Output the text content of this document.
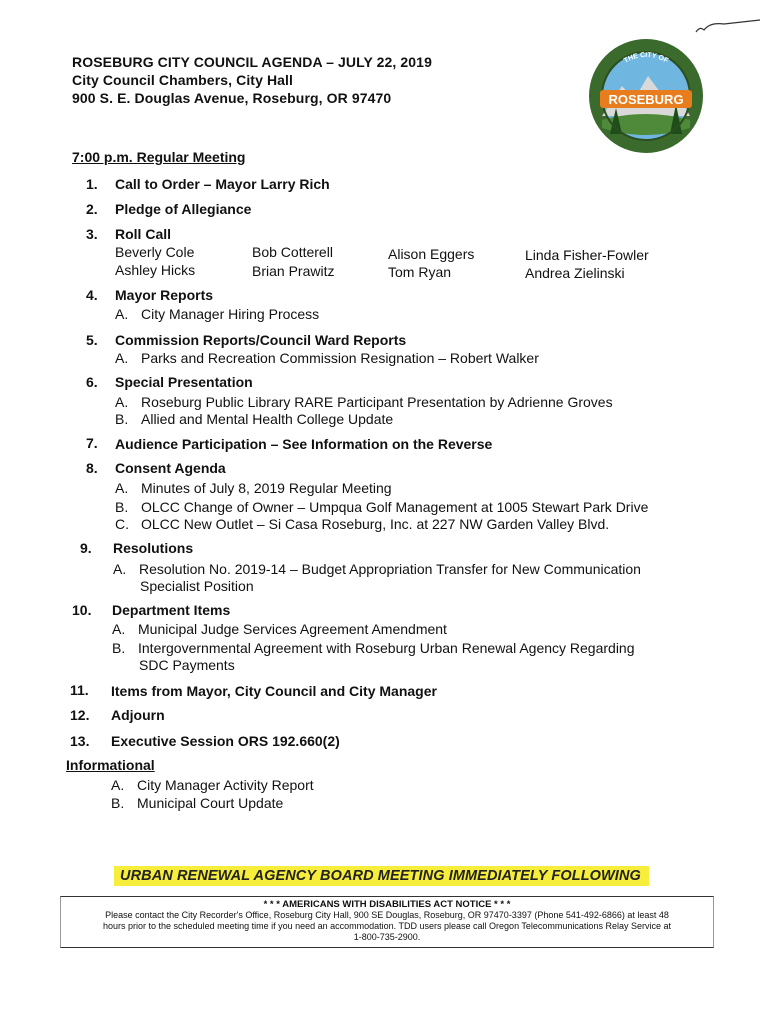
ROSEBURG CITY COUNCIL AGENDA – JULY 22, 2019
City Council Chambers, City Hall
900 S. E. Douglas Avenue, Roseburg, OR 97470	ROSEBURG
THE CITY OF
7:00 p.m. Regular Meeting
1.	Call to Order – Mayor Larry Rich
2.	Pledge of Allegiance
3.	Roll Call
Beverly Cole	Bob Cotterell	Alison Eggers	Linda Fisher-Fowler
Ashley Hicks	Brian Prawitz	Tom Ryan	Andrea Zielinski
4.	Mayor Reports
A. City Manager Hiring Process
5.	Commission Reports/Council Ward Reports
A. Parks and Recreation Commission Resignation – Robert Walker
6.	Special Presentation
A. Roseburg Public Library RARE Participant Presentation by Adrienne Groves
B. Allied and Mental Health College Update
7.	Audience Participation – See Information on the Reverse
8.	Consent Agenda
A. Minutes of July 8, 2019 Regular Meeting
B. OLCC Change of Owner – Umpqua Golf Management at 1005 Stewart Park Drive
C. OLCC New Outlet – Si Casa Roseburg, Inc. at 227 NW Garden Valley Blvd.
9.	Resolutions
A. Resolution No. 2019-14 – Budget Appropriation Transfer for New Communication
Specialist Position
10.	Department Items
A. Municipal Judge Services Agreement Amendment
B. Intergovernmental Agreement with Roseburg Urban Renewal Agency Regarding
SDC Payments
11.	Items from Mayor, City Council and City Manager
12.	Adjourn
13.	Executive Session ORS 192.660(2)
Informational
A. City Manager Activity Report
B. Municipal Court Update
URBAN RENEWAL AGENCY BOARD MEETING IMMEDIATELY FOLLOWING
* * * AMERICANS WITH DISABILITIES ACT NOTICE * * *
Please contact the City Recorder's Office, Roseburg City Hall, 900 SE Douglas, Roseburg, OR 97470-3397 (Phone 541-492-6866) at least 48
hours prior to the scheduled meeting time if you need an accommodation. TDD users please call Oregon Telecommunications Relay Service at
1-800-735-2900.
